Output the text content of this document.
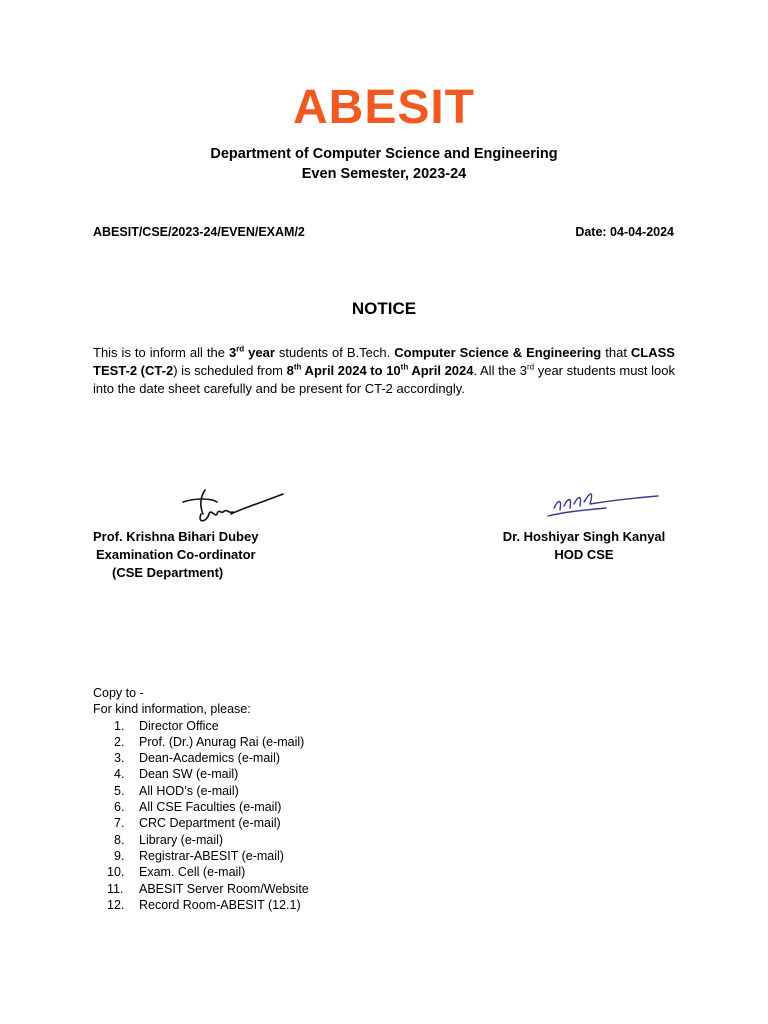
ABESIT
Department of Computer Science and Engineering
Even Semester, 2023-24
ABESIT/CSE/2023-24/EVEN/EXAM/2	Date: 04-04-2024
NOTICE
This is to inform all the 3rd year students of B.Tech. Computer Science & Engineering that CLASS TEST-2 (CT-2) is scheduled from 8th April 2024 to 10th April 2024. All the 3rd year students must look into the date sheet carefully and be present for CT-2 accordingly.
Prof. Krishna Bihari Dubey
Examination Co-ordinator
(CSE Department)
Dr. Hoshiyar Singh Kanyal
HOD CSE
Copy to -
For kind information, please:
1. Director Office
2. Prof. (Dr.) Anurag Rai (e-mail)
3. Dean-Academics (e-mail)
4. Dean SW (e-mail)
5. All HOD’s (e-mail)
6. All CSE Faculties (e-mail)
7. CRC Department (e-mail)
8. Library (e-mail)
9. Registrar-ABESIT (e-mail)
10. Exam. Cell (e-mail)
11. ABESIT Server Room/Website
12. Record Room-ABESIT (12.1)
